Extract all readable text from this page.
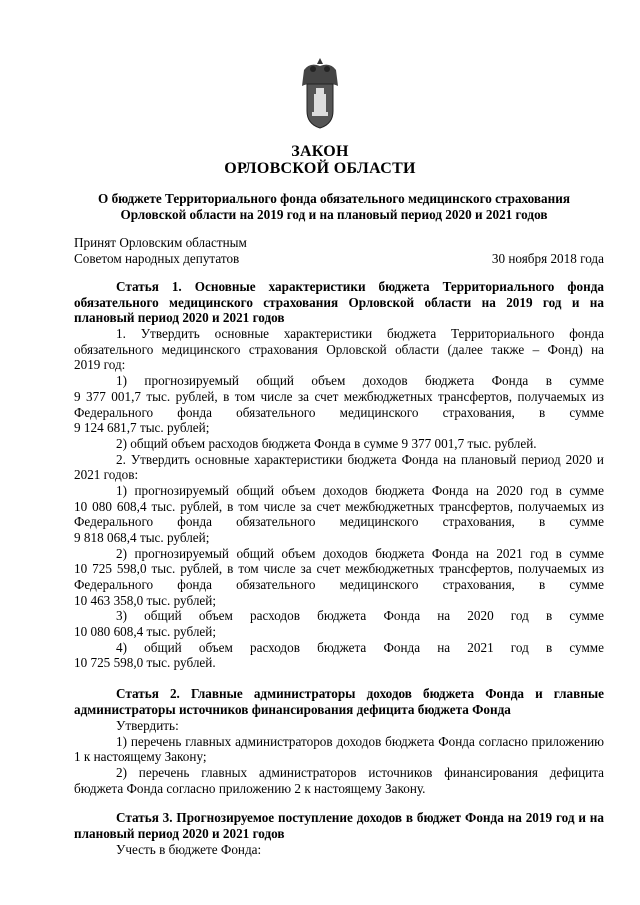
ЗАКОН
ОРЛОВСКОЙ ОБЛАСТИ
О бюджете Территориального фонда обязательного медицинского страхования
Орловской области на 2019 год и на плановый период 2020 и 2021 годов
Принят Орловским областным
Советом народных депутатов	30 ноября 2018 года
Статья 1. Основные характеристики бюджета Территориального фонда
обязательного медицинского страхования Орловской области на 2019 год и на
плановый период 2020 и 2021 годов
1. Утвердить основные характеристики бюджета Территориального фонда
обязательного медицинского страхования Орловской области (далее также – Фонд) на
2019 год:
1) прогнозируемый общий объем доходов бюджета Фонда в сумме
9 377 001,7 тыс. рублей, в том числе за счет межбюджетных трансфертов, получаемых из
Федерального фонда обязательного медицинского страхования, в сумме
9 124 681,7 тыс. рублей;
2) общий объем расходов бюджета Фонда в сумме 9 377 001,7 тыс. рублей.
2. Утвердить основные характеристики бюджета Фонда на плановый период 2020 и
2021 годов:
1) прогнозируемый общий объем доходов бюджета Фонда на 2020 год в сумме
10 080 608,4 тыс. рублей, в том числе за счет межбюджетных трансфертов, получаемых из
Федерального фонда обязательного медицинского страхования, в сумме
9 818 068,4 тыс. рублей;
2) прогнозируемый общий объем доходов бюджета Фонда на 2021 год в сумме
10 725 598,0 тыс. рублей, в том числе за счет межбюджетных трансфертов, получаемых из
Федерального фонда обязательного медицинского страхования, в сумме
10 463 358,0 тыс. рублей;
3) общий объем расходов бюджета Фонда на 2020 год в сумме
10 080 608,4 тыс. рублей;
4) общий объем расходов бюджета Фонда на 2021 год в сумме
10 725 598,0 тыс. рублей.
Статья 2. Главные администраторы доходов бюджета Фонда и главные
администраторы источников финансирования дефицита бюджета Фонда
Утвердить:
1) перечень главных администраторов доходов бюджета Фонда согласно приложению
1 к настоящему Закону;
2) перечень главных администраторов источников финансирования дефицита
бюджета Фонда согласно приложению 2 к настоящему Закону.
Статья 3. Прогнозируемое поступление доходов в бюджет Фонда на 2019 год и на
плановый период 2020 и 2021 годов
Учесть в бюджете Фонда:
